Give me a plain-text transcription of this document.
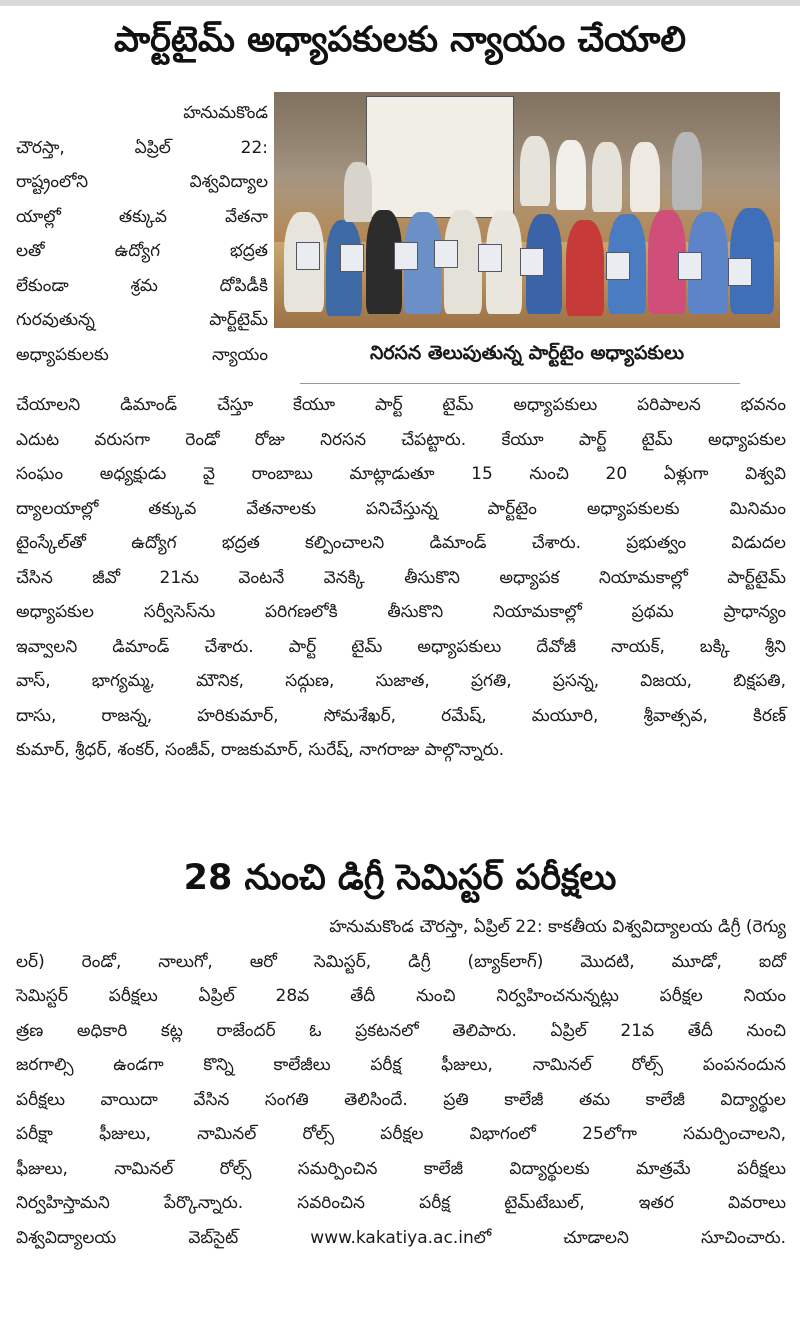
పార్ట్‌టైమ్ అధ్యాపకులకు న్యాయం చేయాలి
నిరసన తెలుపుతున్న పార్ట్‌టైం అధ్యాపకులు

హనుమకొండ

చౌరస్తా, ఏప్రిల్ 22:

రాష్ట్రంలోని విశ్వవిద్యాల

యాల్లో తక్కువ వేతనా

లతో ఉద్యోగ భద్రత

లేకుండా శ్రమ దోపిడీకి

గురవుతున్న పార్ట్‌టైమ్

అధ్యాపకులకు న్యాయం

చేయాలని డిమాండ్ చేస్తూ కేయూ పార్ట్ టైమ్ అధ్యాపకులు పరిపాలన భవనం

ఎదుట వరుసగా రెండో రోజు నిరసన చేపట్టారు. కేయూ పార్ట్ టైమ్ అధ్యాపకుల

సంఘం అధ్యక్షుడు వై రాంబాబు మాట్లాడుతూ 15 నుంచి 20 ఏళ్లుగా విశ్వవి

ద్యాలయాల్లో తక్కువ వేతనాలకు పనిచేస్తున్న పార్ట్‌టైం అధ్యాపకులకు మినిమం

టైంస్కేల్‌తో ఉద్యోగ భద్రత కల్పించాలని డిమాండ్ చేశారు. ప్రభుత్వం విడుదల

చేసిన జీవో 21ను వెంటనే వెనక్కి తీసుకొని అధ్యాపక నియామకాల్లో పార్ట్‌టైమ్

అధ్యాపకుల సర్వీసెస్‌ను పరిగణలోకి తీసుకొని నియామకాల్లో ప్రథమ ప్రాధాన్యం

ఇవ్వాలని డిమాండ్ చేశారు. పార్ట్ టైమ్ అధ్యాపకులు దేవోజీ నాయక్, బక్కి శ్రీని

వాస్, భాగ్యమ్మ, మౌనిక, సద్గుణ, సుజాత, ప్రగతి, ప్రసన్న, విజయ, బిక్షపతి,

దాసు, రాజన్న, హరికుమార్, సోమశేఖర్, రమేష్, మయూరి, శ్రీవాత్సవ, కిరణ్

కుమార్, శ్రీధర్, శంకర్, సంజీవ్, రాజకుమార్, సురేష్, నాగరాజు పాల్గొన్నారు.

28 నుంచి డిగ్రీ సెమిస్టర్ పరీక్షలు

హనుమకొండ చౌరస్తా, ఏప్రిల్ 22: కాకతీయ విశ్వవిద్యాలయ డిగ్రీ (రెగ్యు

లర్) రెండో, నాలుగో, ఆరో సెమిస్టర్, డిగ్రీ (బ్యాక్‌లాగ్) మొదటి, మూడో, ఐదో

సెమిస్టర్ పరీక్షలు ఏప్రిల్ 28వ తేదీ నుంచి నిర్వహించనున్నట్లు పరీక్షల నియం

త్రణ అధికారి కట్ల రాజేందర్ ఓ ప్రకటనలో తెలిపారు. ఏప్రిల్ 21వ తేదీ నుంచి

జరగాల్సి ఉండగా కొన్ని కాలేజీలు పరీక్ష ఫీజులు, నామినల్ రోల్స్ పంపనందున

పరీక్షలు వాయిదా వేసిన సంగతి తెలిసిందే. ప్రతి కాలేజీ తమ కాలేజీ విద్యార్థుల

పరీక్షా ఫీజులు, నామినల్ రోల్స్ పరీక్షల విభాగంలో 25లోగా సమర్పించాలని,

ఫీజులు, నామినల్ రోల్స్ సమర్పించిన కాలేజీ విద్యార్థులకు మాత్రమే పరీక్షలు

నిర్వహిస్తామని పేర్కొన్నారు. సవరించిన పరీక్ష టైమ్‌టేబుల్, ఇతర వివరాలు

విశ్వవిద్యాలయ వెబ్‌సైట్ www.kakatiya.ac.inలో చూడాలని సూచించారు.
